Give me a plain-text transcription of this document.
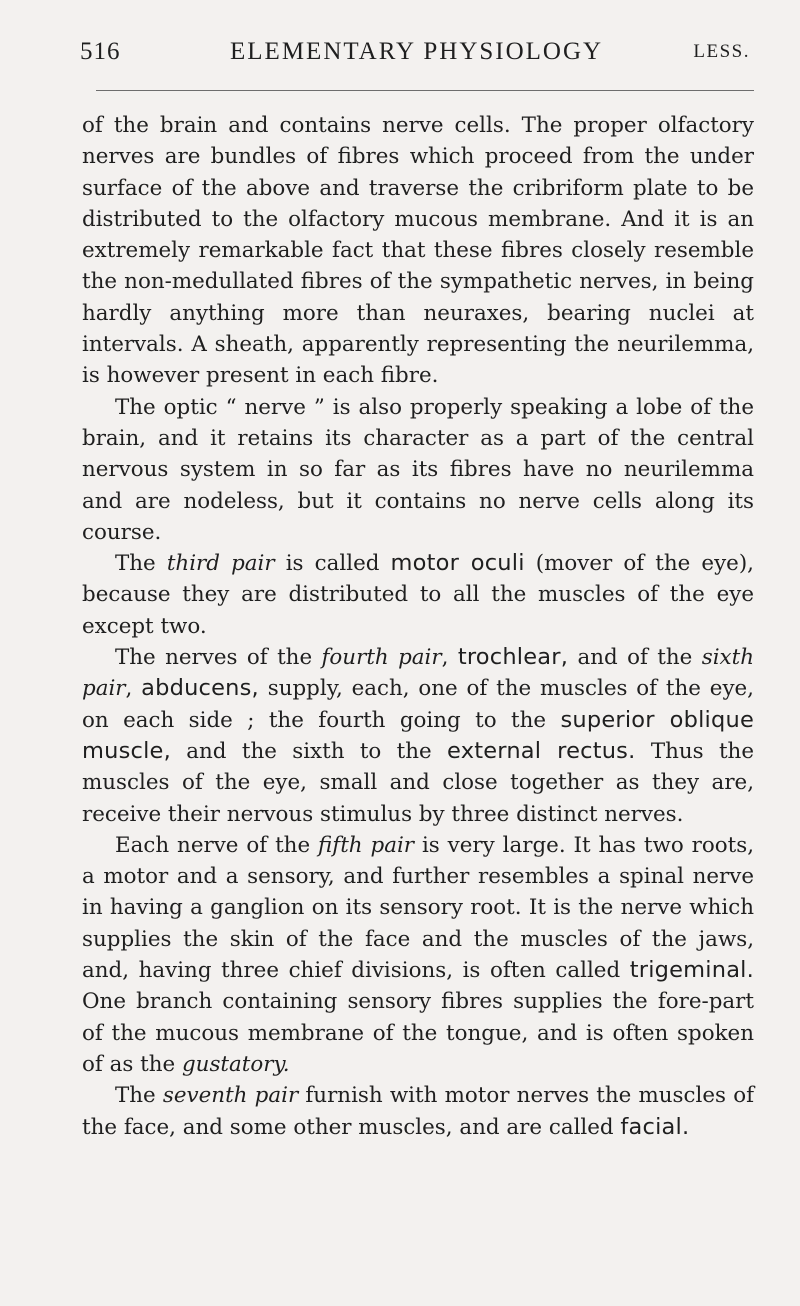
516	ELEMENTARY PHYSIOLOGY	LESS.

of the brain and contains nerve cells. The proper olfactory nerves are bundles of fibres which proceed from the under surface of the above and traverse the cribriform plate to be distributed to the olfactory mucous membrane. And it is an extremely remarkable fact that these fibres closely resemble the non-medullated fibres of the sympathetic nerves, in being hardly anything more than neuraxes, bearing nuclei at intervals. A sheath, apparently representing the neurilemma, is however present in each fibre.

The optic “ nerve ” is also properly speaking a lobe of the brain, and it retains its character as a part of the central nervous system in so far as its fibres have no neurilemma and are nodeless, but it contains no nerve cells along its course.

The third pair is called motor oculi (mover of the eye), because they are distributed to all the muscles of the eye except two.

The nerves of the fourth pair, trochlear, and of the sixth pair, abducens, supply, each, one of the muscles of the eye, on each side ; the fourth going to the superior oblique muscle, and the sixth to the external rectus. Thus the muscles of the eye, small and close together as they are, receive their nervous stimulus by three distinct nerves.

Each nerve of the fifth pair is very large. It has two roots, a motor and a sensory, and further resembles a spinal nerve in having a ganglion on its sensory root. It is the nerve which supplies the skin of the face and the muscles of the jaws, and, having three chief divisions, is often called trigeminal. One branch containing sensory fibres supplies the fore-part of the mucous membrane of the tongue, and is often spoken of as the gustatory.

The seventh pair furnish with motor nerves the muscles of the face, and some other muscles, and are called facial.
